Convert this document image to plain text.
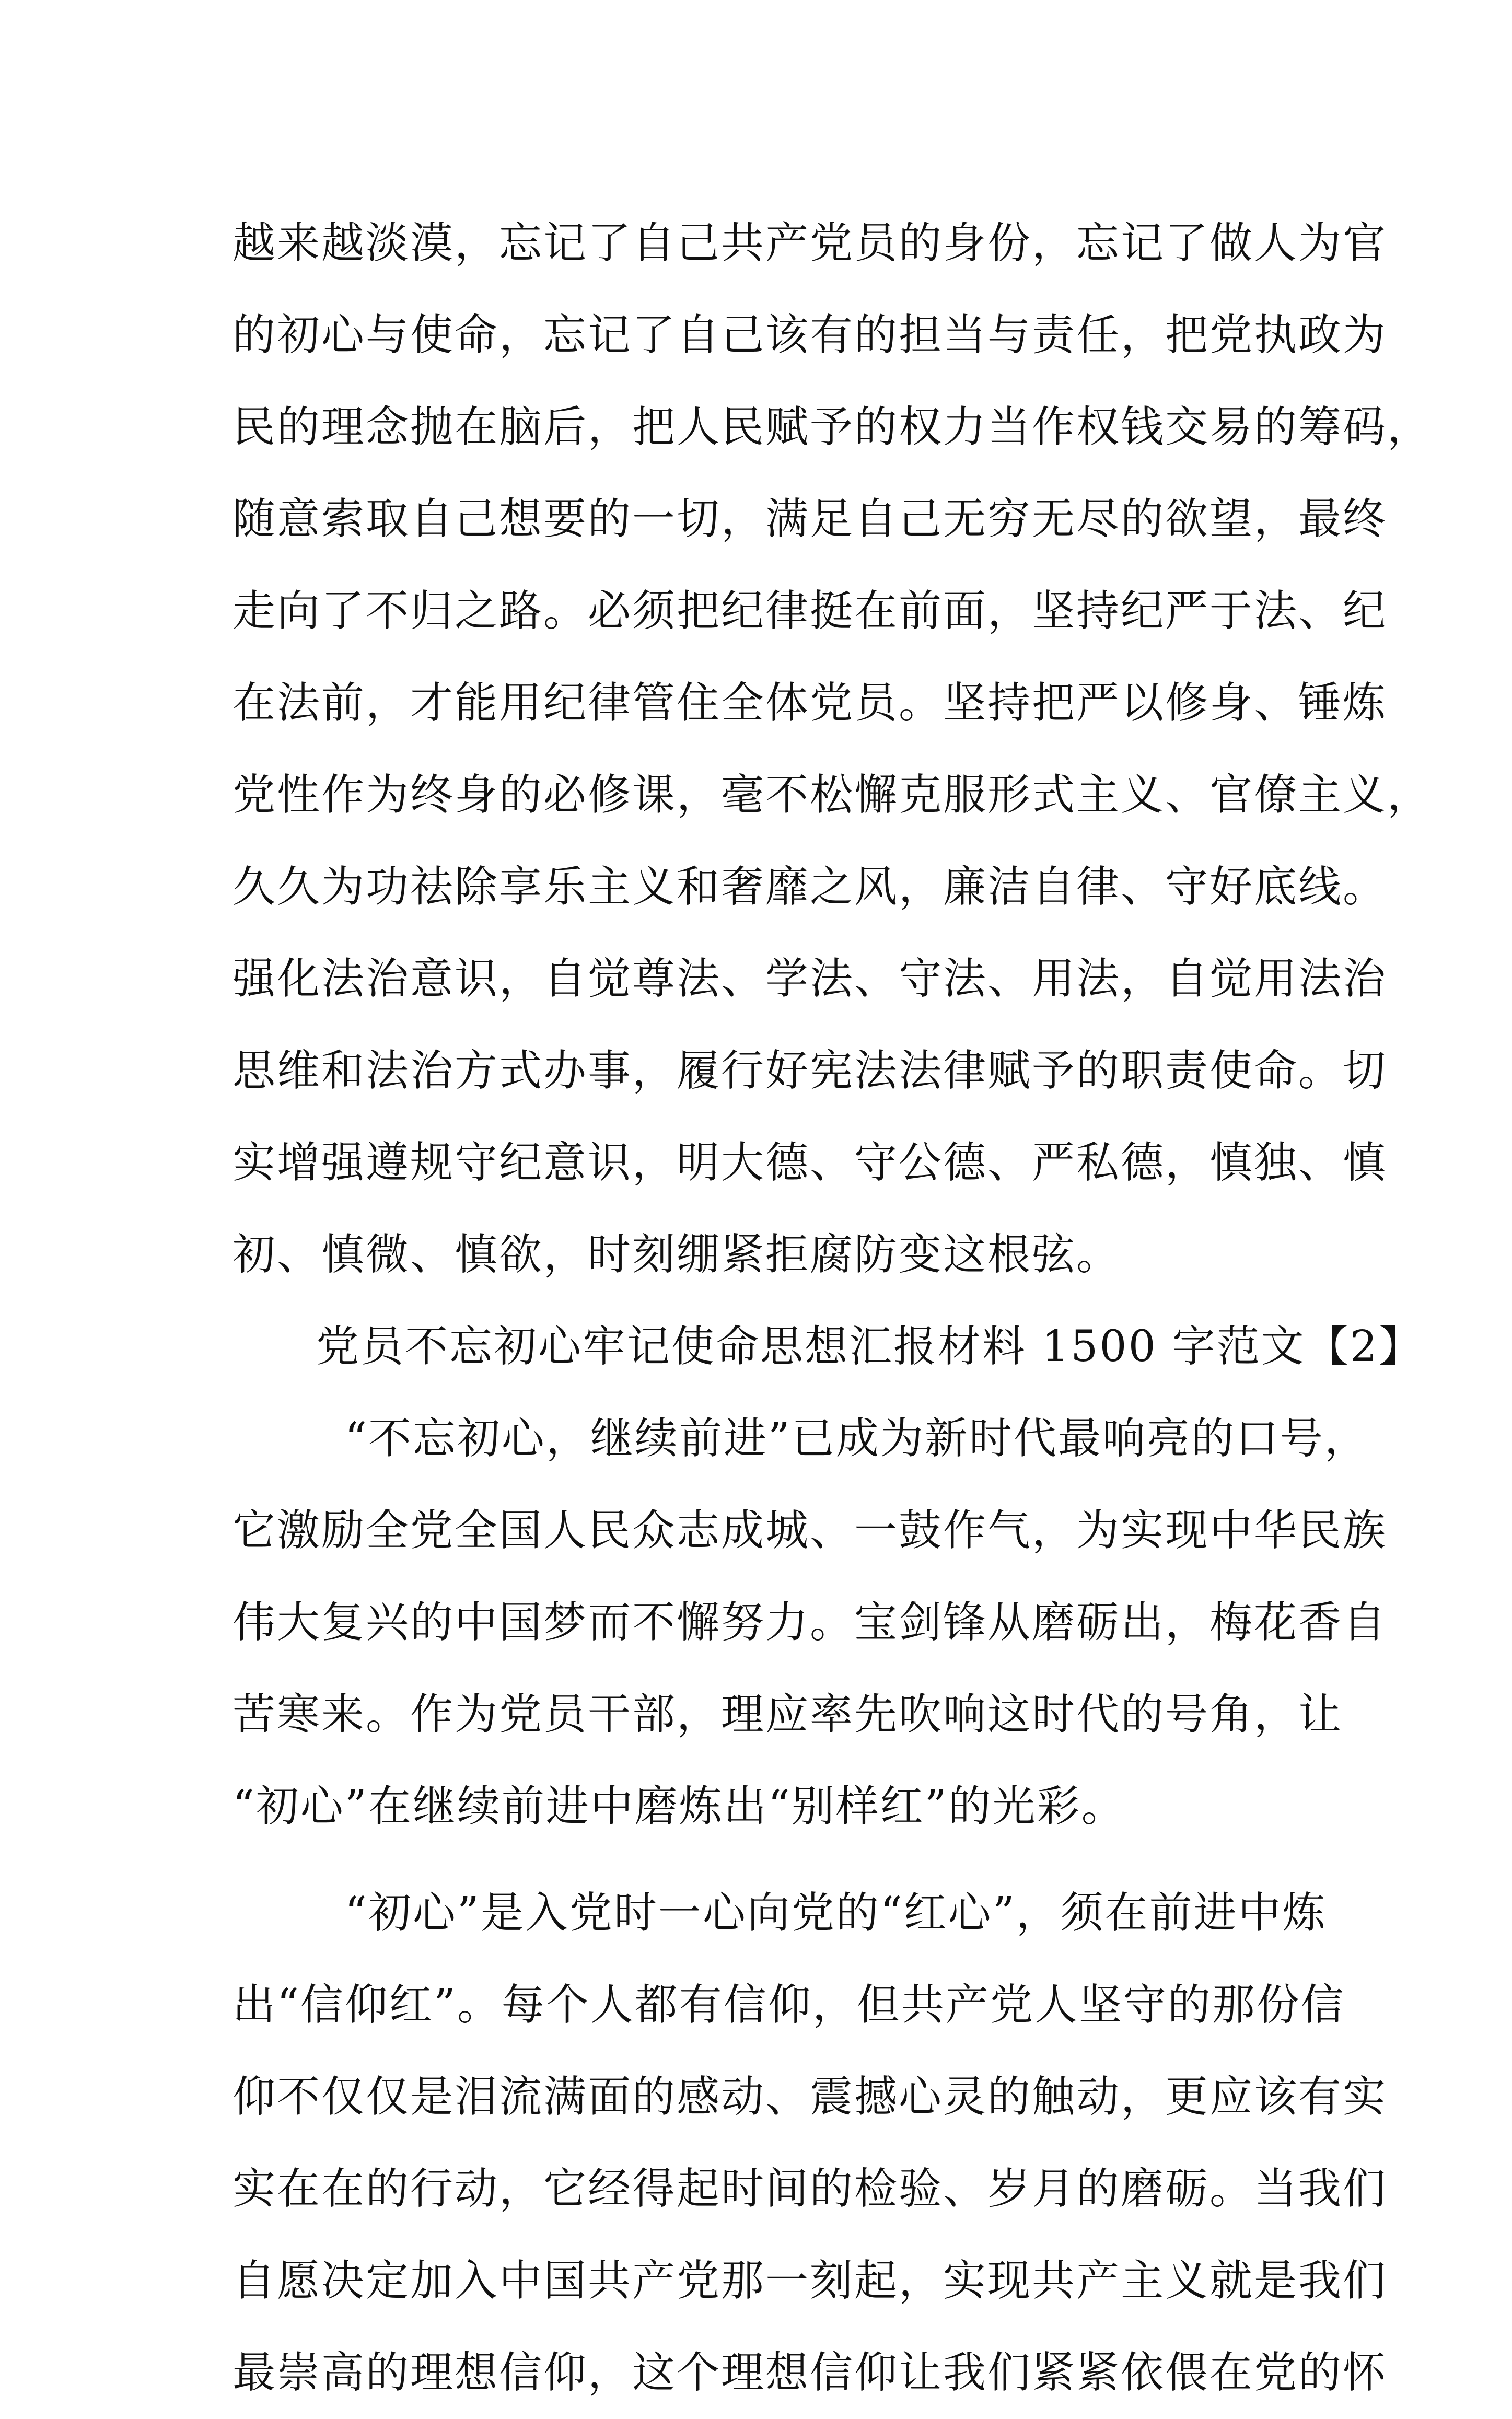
越来越淡漠，忘记了自己共产党员的身份，忘记了做人为官
的初心与使命，忘记了自己该有的担当与责任，把党执政为
民的理念抛在脑后，把人民赋予的权力当作权钱交易的筹码，
随意索取自己想要的一切，满足自己无穷无尽的欲望，最终
走向了不归之路。必须把纪律挺在前面，坚持纪严于法、纪
在法前，才能用纪律管住全体党员。坚持把严以修身、锤炼
党性作为终身的必修课，毫不松懈克服形式主义、官僚主义，
久久为功祛除享乐主义和奢靡之风，廉洁自律、守好底线。
强化法治意识，自觉尊法、学法、守法、用法，自觉用法治
思维和法治方式办事，履行好宪法法律赋予的职责使命。切
实增强遵规守纪意识，明大德、守公德、严私德，慎独、慎
初、慎微、慎欲，时刻绷紧拒腐防变这根弦。
党员不忘初心牢记使命思想汇报材料 1500 字范文【2】
“不忘初心，继续前进”已成为新时代最响亮的口号，
它激励全党全国人民众志成城、一鼓作气，为实现中华民族
伟大复兴的中国梦而不懈努力。宝剑锋从磨砺出，梅花香自
苦寒来。作为党员干部，理应率先吹响这时代的号角，让
“初心”在继续前进中磨炼出“别样红”的光彩。
“初心”是入党时一心向党的“红心”，须在前进中炼
出“信仰红”。每个人都有信仰，但共产党人坚守的那份信
仰不仅仅是泪流满面的感动、震撼心灵的触动，更应该有实
实在在的行动，它经得起时间的检验、岁月的磨砺。当我们
自愿决定加入中国共产党那一刻起，实现共产主义就是我们
最崇高的理想信仰，这个理想信仰让我们紧紧依偎在党的怀
